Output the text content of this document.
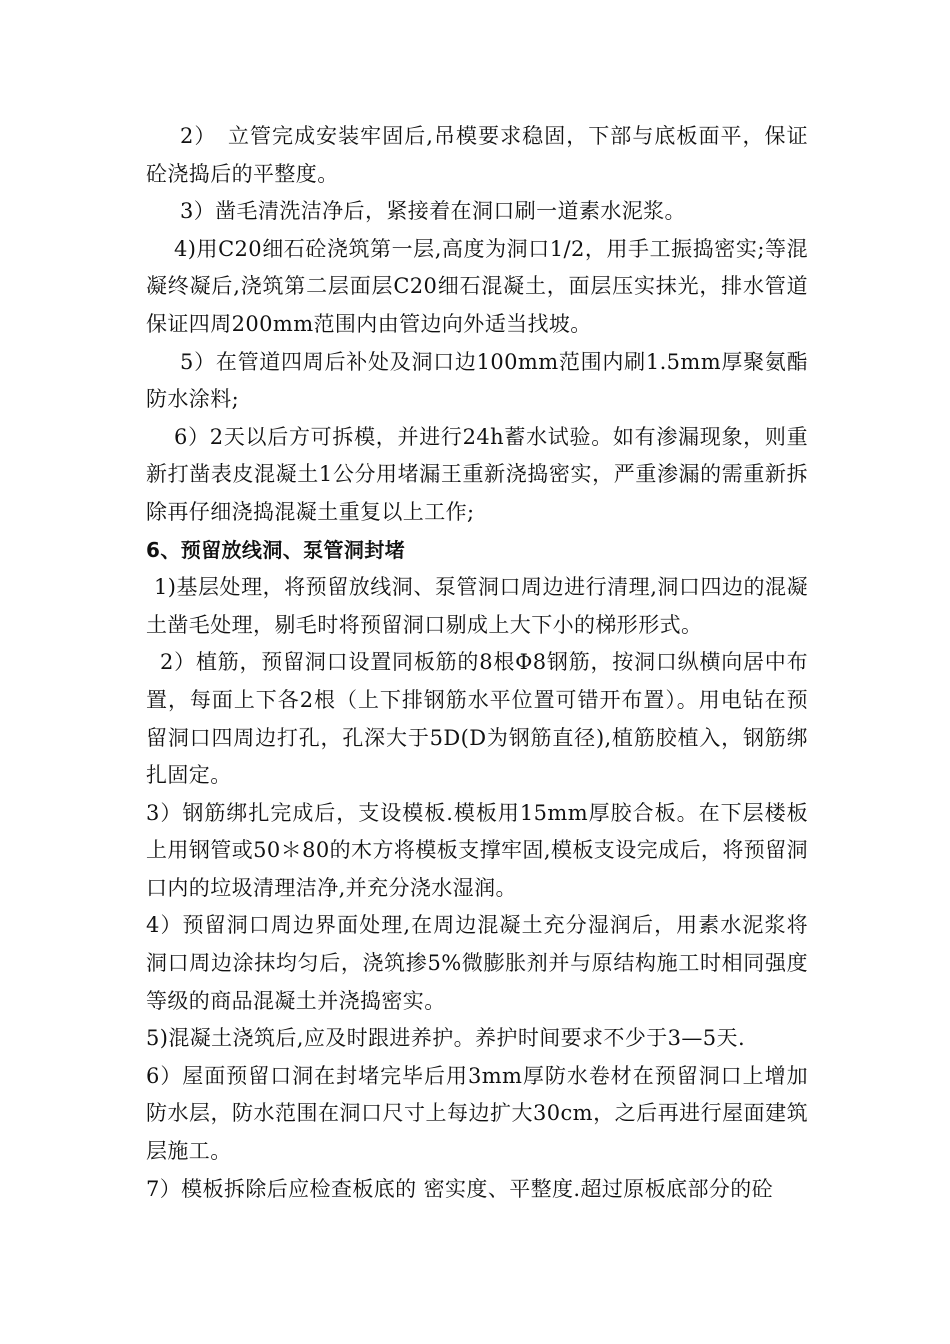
2）　立管完成安装牢固后,吊模要求稳固，下部与底板面平，保证砼浇捣后的平整度。

3）凿毛清洗洁净后，紧接着在洞口刷一道素水泥浆。

4)用C20细石砼浇筑第一层,高度为洞口1/2，用手工振捣密实;等混凝终凝后,浇筑第二层面层C20细石混凝土，面层压实抹光，排水管道保证四周200mm范围内由管边向外适当找坡。

5）在管道四周后补处及洞口边100mm范围内刷1.5mm厚聚氨酯防水涂料;

6）2天以后方可拆模，并进行24h蓄水试验。如有渗漏现象，则重新打凿表皮混凝土1公分用堵漏王重新浇捣密实，严重渗漏的需重新拆除再仔细浇捣混凝土重复以上工作;

6、预留放线洞、泵管洞封堵

1)基层处理，将预留放线洞、泵管洞口周边进行清理,洞口四边的混凝土凿毛处理，剔毛时将预留洞口剔成上大下小的梯形形式。

2）植筋，预留洞口设置同板筋的8根Φ8钢筋，按洞口纵横向居中布置，每面上下各2根（上下排钢筋水平位置可错开布置）。用电钻在预留洞口四周边打孔，孔深大于5D(D为钢筋直径),植筋胶植入，钢筋绑扎固定。

3）钢筋绑扎完成后，支设模板.模板用15mm厚胶合板。在下层楼板上用钢管或50＊80的木方将模板支撑牢固,模板支设完成后，将预留洞口内的垃圾清理洁净,并充分浇水湿润。

4）预留洞口周边界面处理,在周边混凝土充分湿润后，用素水泥浆将洞口周边涂抹均匀后，浇筑掺5%微膨胀剂并与原结构施工时相同强度等级的商品混凝土并浇捣密实。

5)混凝土浇筑后,应及时跟进养护。养护时间要求不少于3—5天.

6）屋面预留口洞在封堵完毕后用3mm厚防水卷材在预留洞口上增加防水层，防水范围在洞口尺寸上每边扩大30cm，之后再进行屋面建筑层施工。

7）模板拆除后应检查板底的 密实度、平整度.超过原板底部分的砼
